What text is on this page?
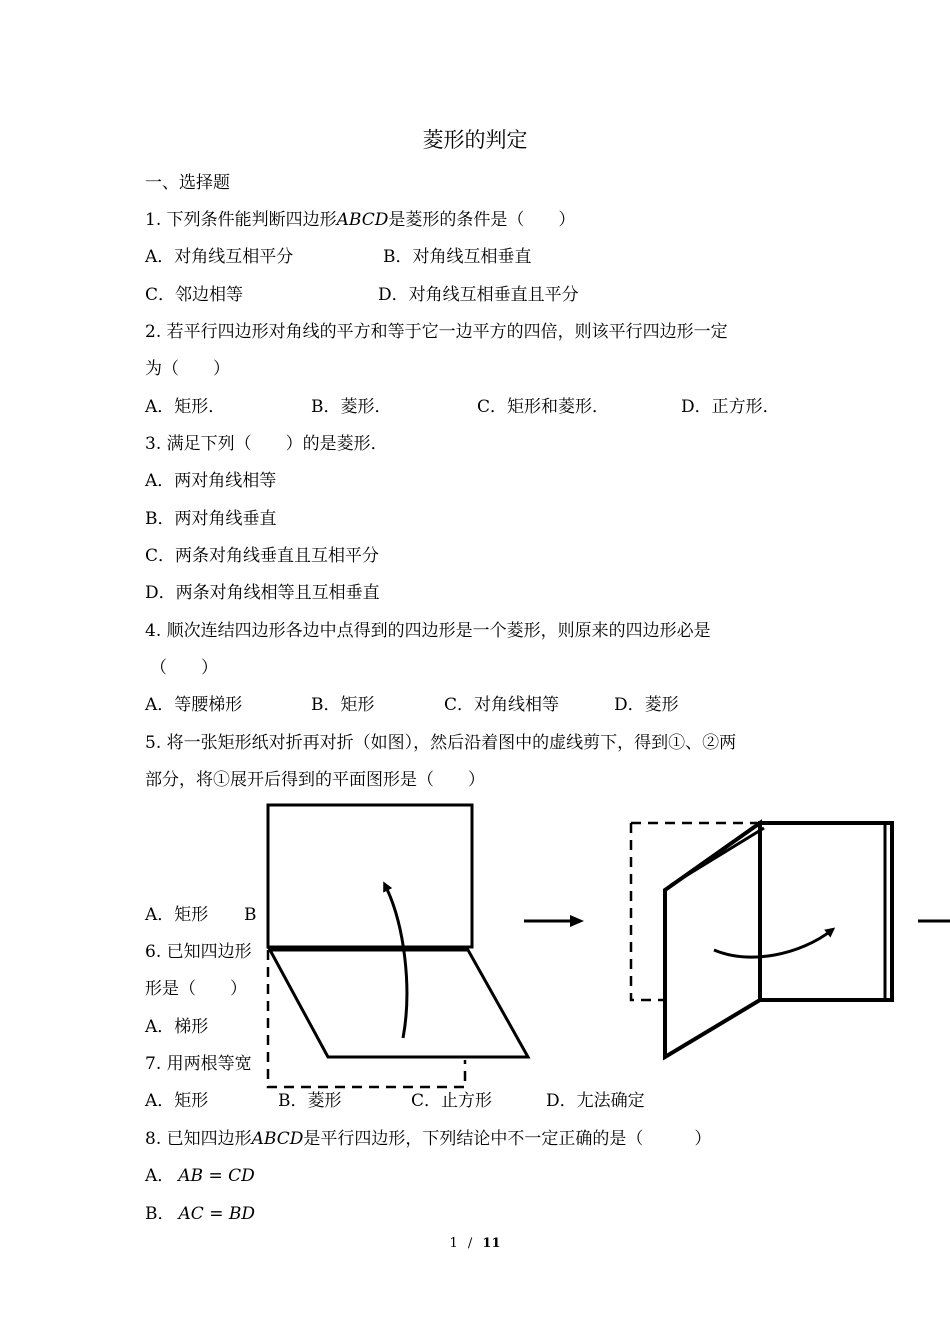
菱形的判定
一、选择题
1. 下列条件能判断四边形ABCD是菱形的条件是（　　）
A．对角线互相平分	B．对角线互相垂直
C．邻边相等	D．对角线互相垂直且平分
2. 若平行四边形对角线的平方和等于它一边平方的四倍，则该平行四边形一定
为（　　）
A．矩形．	B．菱形．	C．矩形和菱形．	D．正方形．
3. 满足下列（　　）的是菱形．
A．两对角线相等
B．两对角线垂直
C．两条对角线垂直且互相平分
D．两条对角线相等且互相垂直
4. 顺次连结四边形各边中点得到的四边形是一个菱形，则原来的四边形必是
（　　）
A．等腰梯形	B．矩形	C．对角线相等	D．菱形
5. 将一张矩形纸对折再对折（如图），然后沿着图中的虚线剪下，得到①、②两
部分，将①展开后得到的平面图形是（　　）
A．矩形 B
6. 已知四边形
形是（　　）
A．梯形
7. 用两根等宽
A．矩形	B．菱形	C．止方形	D．尢法确定
8. 已知四边形ABCD是平行四边形，下列结论中不一定正确的是（　　　）
A． AB = CD
B． AC = BD
1 / 11
